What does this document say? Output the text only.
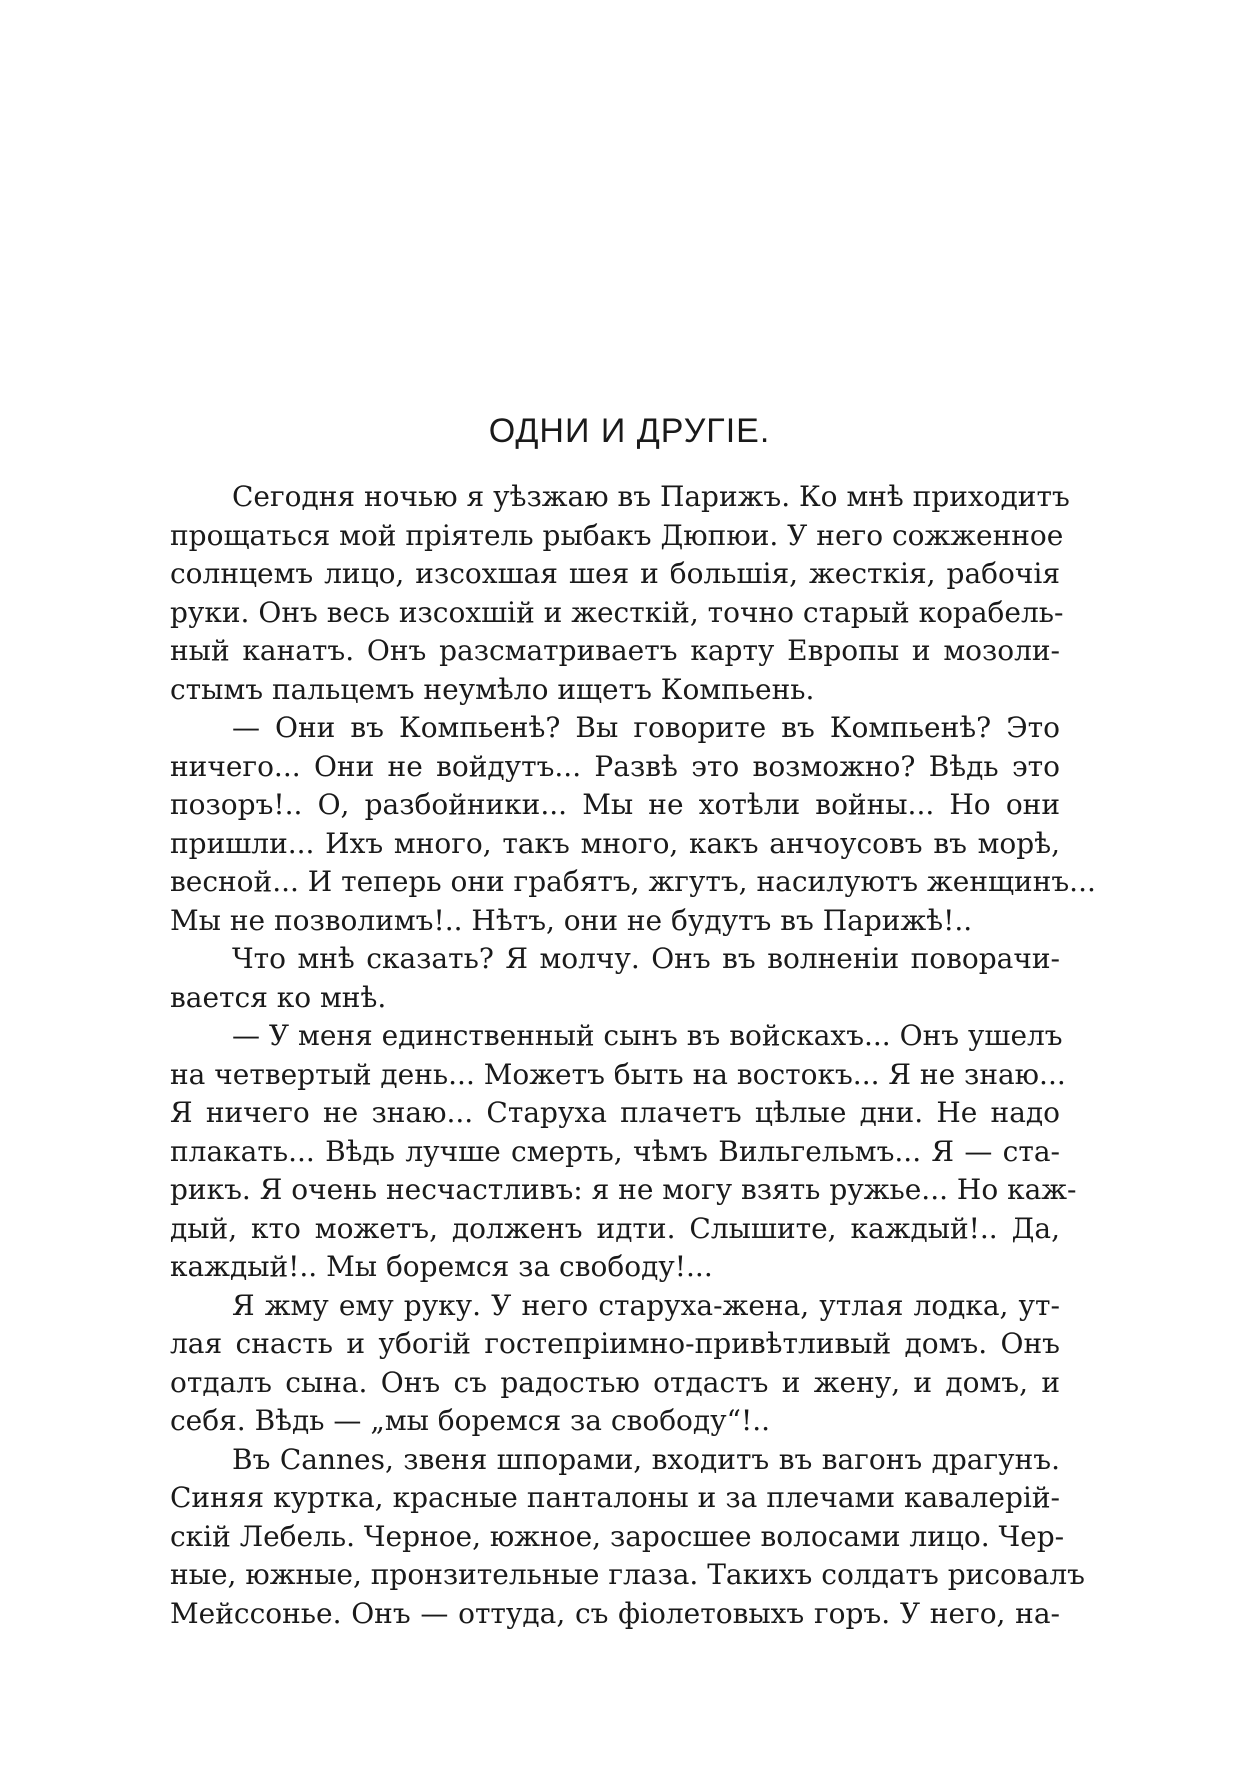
ОДНИ И ДРУГІЕ.
Сегодня ночью я уѣзжаю въ Парижъ. Ко мнѣ приходитъ
прощаться мой пріятель рыбакъ Дюпюи. У него сожженное
солнцемъ лицо, изсохшая шея и большія, жесткія, рабочія
руки. Онъ весь изсохшій и жесткій, точно старый корабель-
ный канатъ. Онъ разсматриваетъ карту Европы и мозоли-
стымъ пальцемъ неумѣло ищетъ Компьень.
— Они въ Компьенѣ? Вы говорите въ Компьенѣ? Это
ничего... Они не войдутъ... Развѣ это возможно? Вѣдь это
позоръ!.. О, разбойники... Мы не хотѣли войны... Но они
пришли... Ихъ много, такъ много, какъ анчоусовъ въ морѣ,
весной... И теперь они грабятъ, жгутъ, насилуютъ женщинъ...
Мы не позволимъ!.. Нѣтъ, они не будутъ въ Парижѣ!..
Что мнѣ сказать? Я молчу. Онъ въ волненіи поворачи-
вается ко мнѣ.
— У меня единственный сынъ въ войскахъ... Онъ ушелъ
на четвертый день... Можетъ быть на востокъ... Я не знаю...
Я ничего не знаю... Старуха плачетъ цѣлые дни. Не надо
плакать... Вѣдь лучше смерть, чѣмъ Вильгельмъ... Я — ста-
рикъ. Я очень несчастливъ: я не могу взять ружье... Но каж-
дый, кто можетъ, долженъ идти. Слышите, каждый!.. Да,
каждый!.. Мы боремся за свободу!...
Я жму ему руку. У него старуха-жена, утлая лодка, ут-
лая снасть и убогій гостепріимно-привѣтливый домъ. Онъ
отдалъ сына. Онъ съ радостью отдастъ и жену, и домъ, и
себя. Вѣдь — „мы боремся за свободу“!..
Въ Cannes, звеня шпорами, входитъ въ вагонъ драгунъ.
Синяя куртка, красные панталоны и за плечами кавалерій-
скій Лебель. Черное, южное, заросшее волосами лицо. Чер-
ные, южные, пронзительные глаза. Такихъ солдатъ рисовалъ
Мейссонье. Онъ — оттуда, съ фіолетовыхъ горъ. У него, на-
